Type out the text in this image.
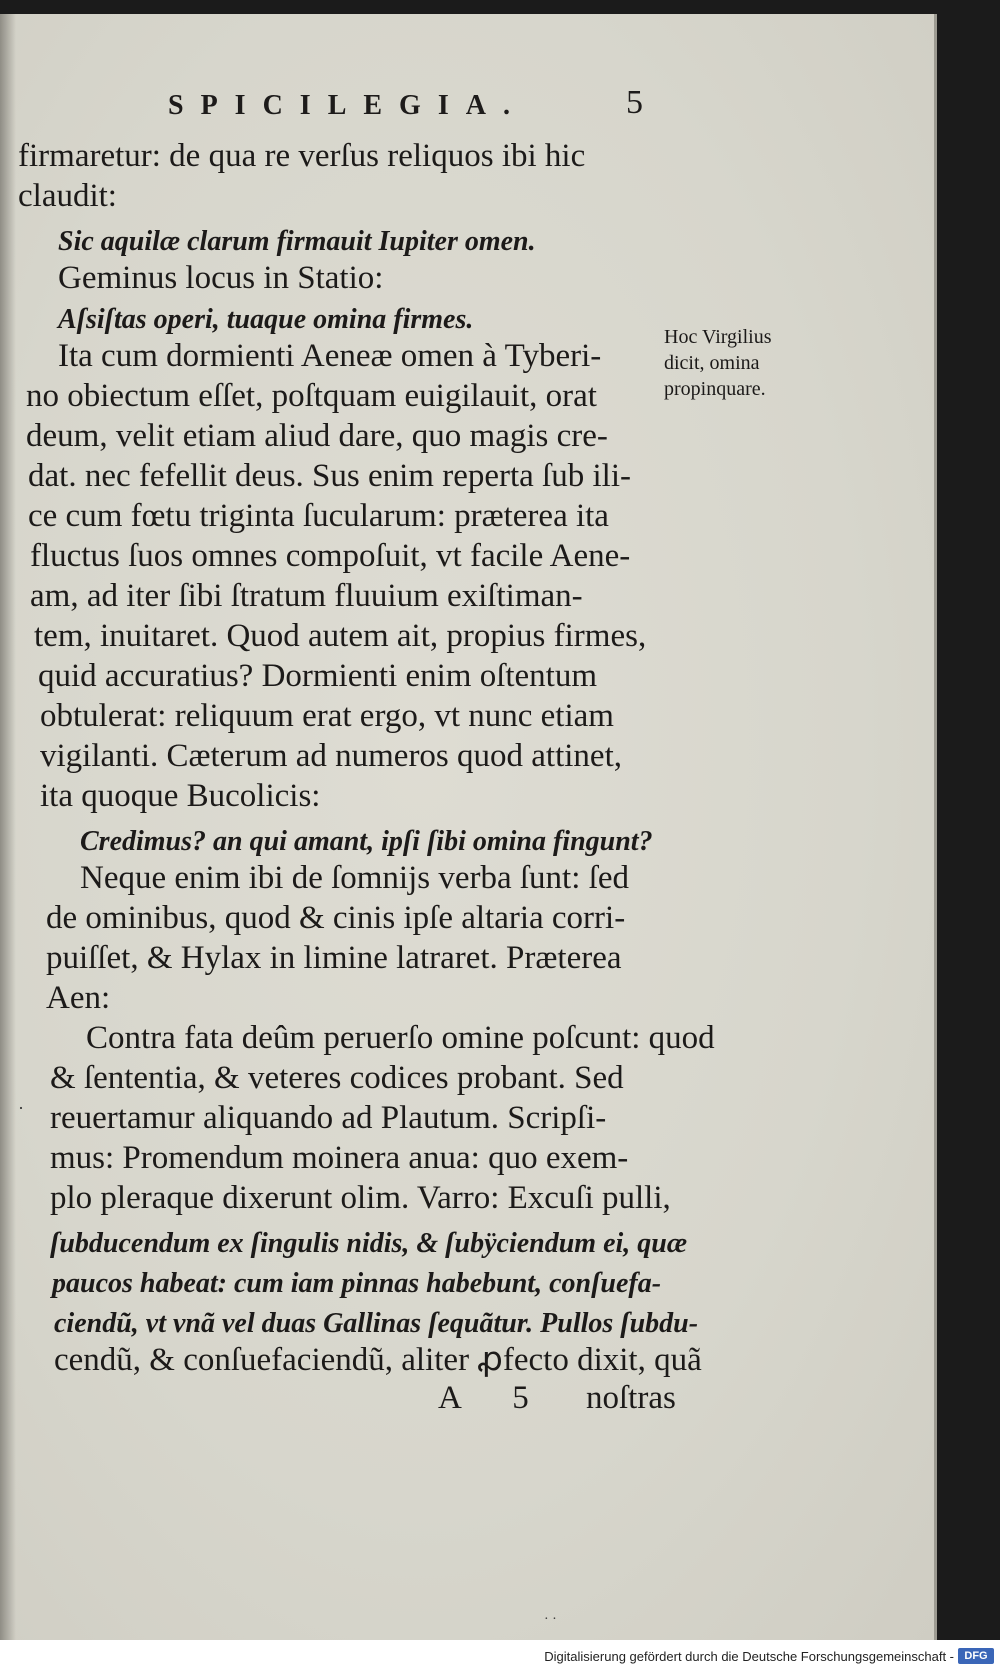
SPICILEGIA.	5
firmaretur: de qua re verſus reliquos ibi hic
claudit:
Sic aquilæ clarum firmauit Iupiter omen.
Geminus locus in Statio:
Aſsiſtas operi, tuaque omina firmes.
Ita cum dormienti Aeneæ omen à Tyberi-
no obiectum eſſet, poſtquam euigilauit, orat
deum, velit etiam aliud dare, quo magis cre-
dat. nec fefellit deus. Sus enim reperta ſub ili-
ce cum fœtu triginta ſucularum: præterea ita
fluctus ſuos omnes compoſuit, vt facile Aene-
am, ad iter ſibi ſtratum fluuium exiſtiman-
tem, inuitaret. Quod autem ait, propius firmes,
quid accuratius? Dormienti enim oſtentum
obtulerat: reliquum erat ergo, vt nunc etiam
vigilanti. Cæterum ad numeros quod attinet,
ita quoque Bucolicis:
Credimus? an qui amant, ipſi ſibi omina fingunt?
Neque enim ibi de ſomnijs verba ſunt: ſed
de ominibus, quod & cinis ipſe altaria corri-
puiſſet, & Hylax in limine latraret. Præterea
Aen:
Contra fata deûm peruerſo omine poſcunt: quod
& ſententia, & veteres codices probant. Sed
reuertamur aliquando ad Plautum. Scripſi-
mus: Promendum moinera anua: quo exem-
plo pleraque dixerunt olim. Varro: Excuſi pulli,
ſubducendum ex ſingulis nidis, & ſubÿciendum ei, quæ
paucos habeat: cum iam pinnas habebunt, conſuefa-
ciendũ, vt vnã vel duas Gallinas ſequãtur. Pullos ſubdu-
cendũ, & conſuefaciendũ, aliter ꝓfecto dixit, quã
Hoc Virgilius
dicit, omina
propinquare.
A 5 noſtras
·
· ·
Digitalisierung gefördert durch die Deutsche Forschungsgemeinschaft - DFG
